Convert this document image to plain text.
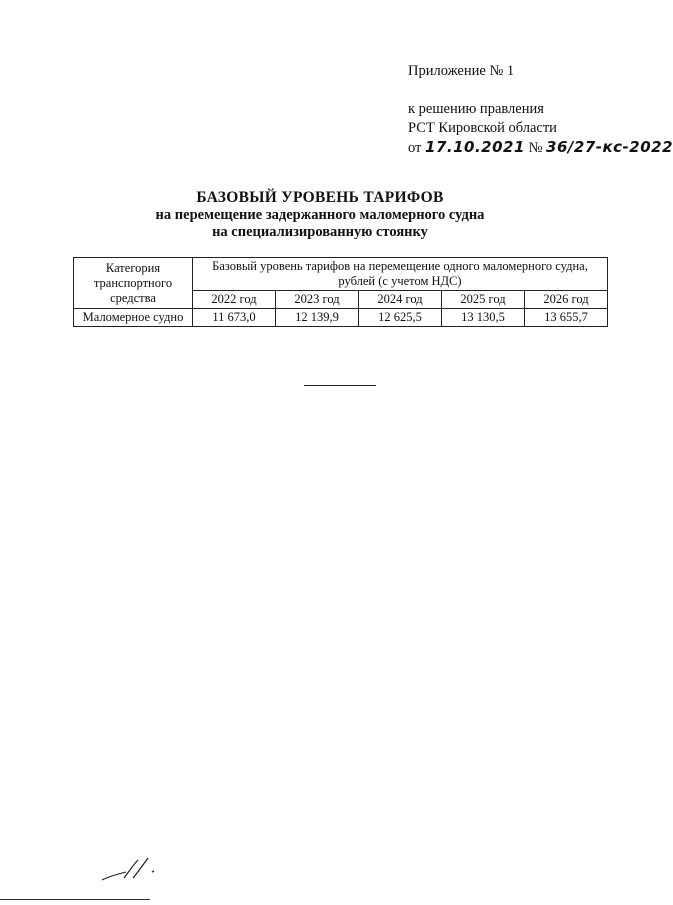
Приложение № 1
к решению правления
РСТ Кировской области
от 17.10.2021 № 36/27-кс-2022
БАЗОВЫЙ УРОВЕНЬ ТАРИФОВ
на перемещение задержанного маломерного судна
на специализированную стоянку
Категория транспортного средства	Базовый уровень тарифов на перемещение одного маломерного судна, рублей (с учетом НДС)				
	2022 год	2023 год	2024 год	2025 год	2026 год
Маломерное судно	11 673,0	12 139,9	12 625,5	13 130,5	13 655,7
